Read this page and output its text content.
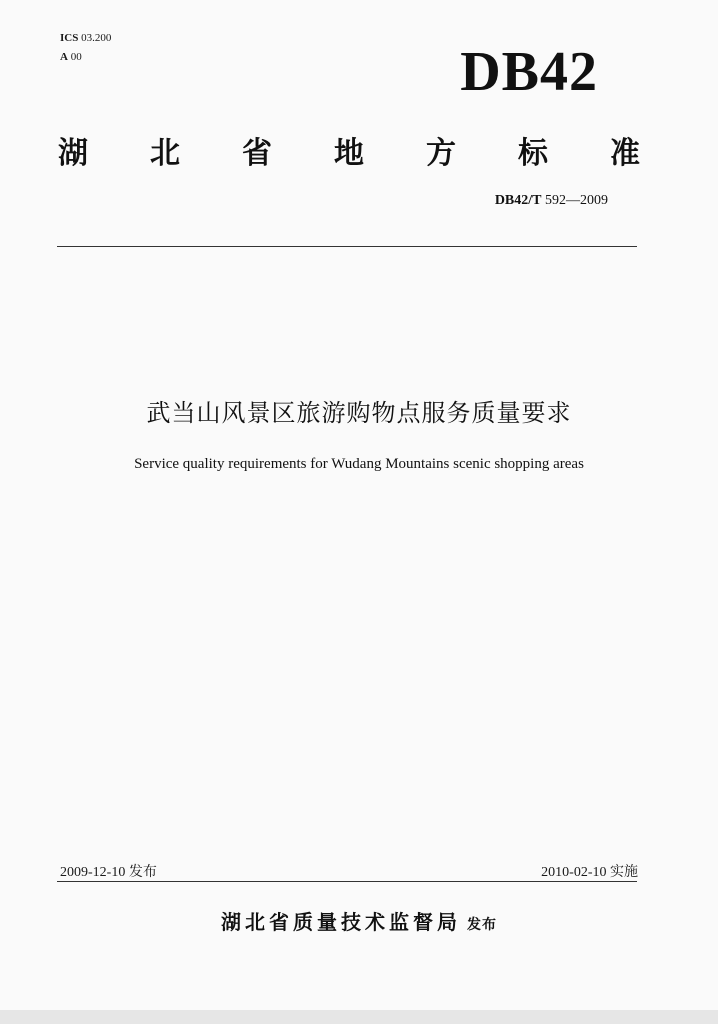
ICS 03.200
A 00	DB42
湖 北 省 地 方 标 准
DB42/T 592—2009
武当山风景区旅游购物点服务质量要求
Service quality requirements for Wudang Mountains scenic shopping areas
2009-12-10 发布	2010-02-10 实施
湖北省质量技术监督局 发布
